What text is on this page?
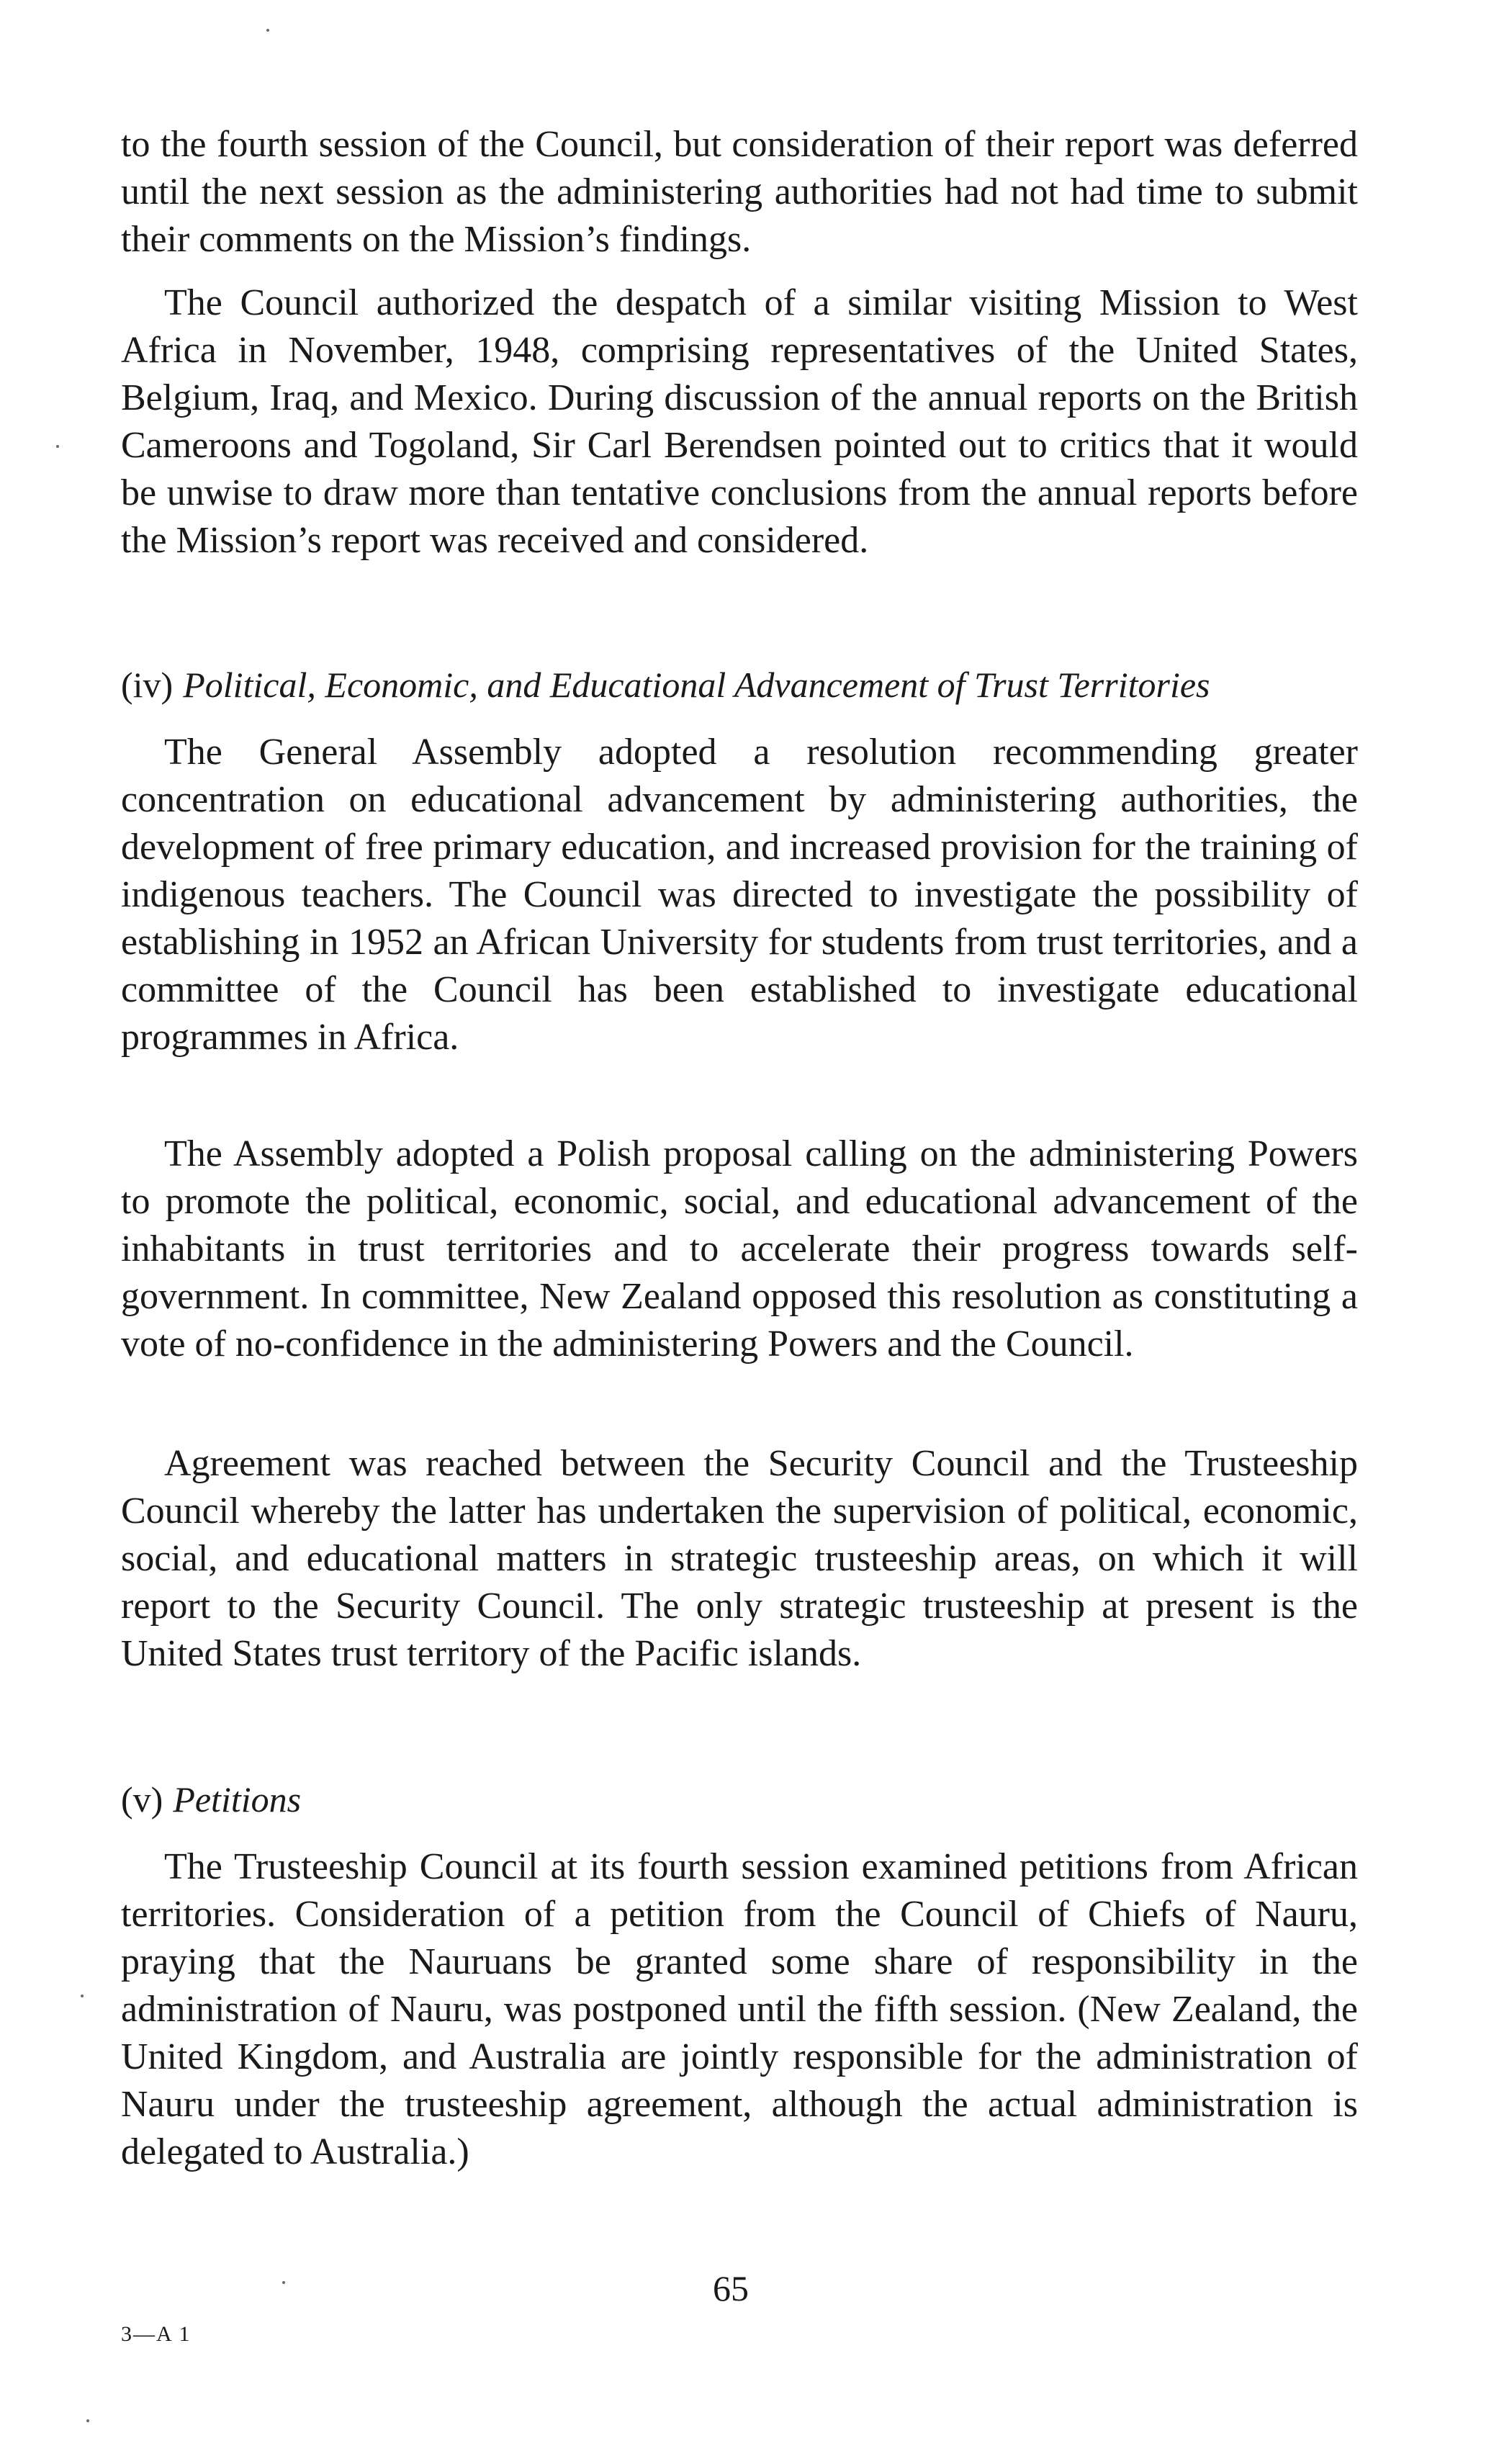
to the fourth session of the Council, but consideration of their report was deferred until the next session as the administering authorities had not had time to submit their comments on the Mission’s findings.

The Council authorized the despatch of a similar visiting Mission to West Africa in November, 1948, comprising representatives of the United States, Belgium, Iraq, and Mexico. During discussion of the annual reports on the British Cameroons and Togoland, Sir Carl Berendsen pointed out to critics that it would be unwise to draw more than tentative conclusions from the annual reports before the Mission’s report was received and considered.

(iv) Political, Economic, and Educational Advancement of Trust Territories

The General Assembly adopted a resolution recommending greater concentration on educational advancement by administering authorities, the development of free primary education, and increased provision for the training of indigenous teachers. The Council was directed to investigate the possibility of establishing in 1952 an African University for students from trust territories, and a committee of the Council has been established to investigate educational programmes in Africa.

The Assembly adopted a Polish proposal calling on the administering Powers to promote the political, economic, social, and educational advancement of the inhabitants in trust territories and to accelerate their progress towards self-government. In committee, New Zealand opposed this resolution as constituting a vote of no-confidence in the administering Powers and the Council.

Agreement was reached between the Security Council and the Trusteeship Council whereby the latter has undertaken the supervision of political, economic, social, and educational matters in strategic trusteeship areas, on which it will report to the Security Council. The only strategic trusteeship at present is the United States trust territory of the Pacific islands.

(v) Petitions

The Trusteeship Council at its fourth session examined petitions from African territories. Consideration of a petition from the Council of Chiefs of Nauru, praying that the Nauruans be granted some share of responsibility in the administration of Nauru, was postponed until the fifth session. (New Zealand, the United Kingdom, and Australia are jointly responsible for the administration of Nauru under the trusteeship agreement, although the actual administration is delegated to Australia.)

65
3—A 1
